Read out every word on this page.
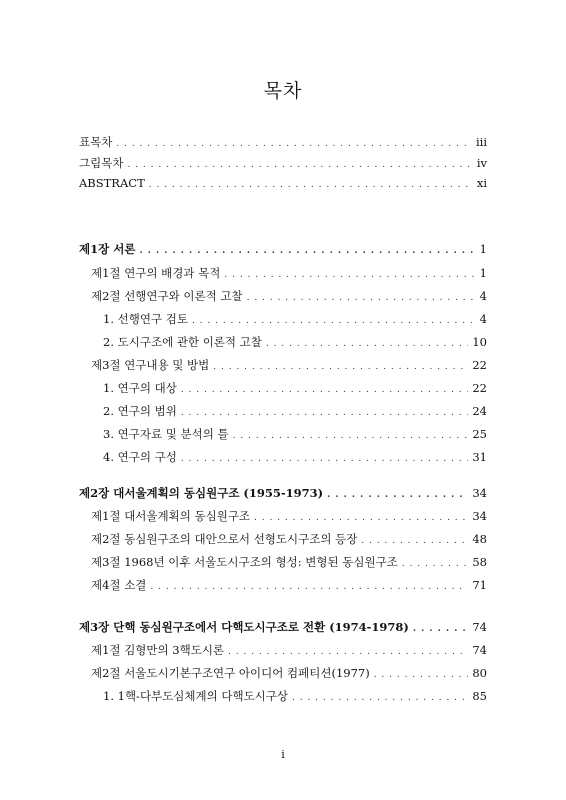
목차
표목차 . . .	ⅲ
그림목차 . . .	ⅳ
ABSTRACT . . .	ⅹⅰ
제1장 서론 . . .	1
제1절 연구의 배경과 목적 . . .	1
제2절 선행연구와 이론적 고찰 . . .	4
1. 선행연구 검토 . . .	4
2. 도시구조에 관한 이론적 고찰 . . .	10
제3절 연구내용 및 방법 . . .	22
1. 연구의 대상 . . .	22
2. 연구의 범위 . . .	24
3. 연구자료 및 분석의 틀 . . .	25
4. 연구의 구성 . . .	31
제2장 대서울계획의 동심원구조 (1955-1973) . . .	34
제1절 대서울계획의 동심원구조 . . .	34
제2절 동심원구조의 대안으로서 선형도시구조의 등장 . . .	48
제3절 1968년 이후 서울도시구조의 형성: 변형된 동심원구조 . . .	58
제4절 소결 . . .	71
제3장 단핵 동심원구조에서 다핵도시구조로 전환 (1974-1978) . . .	74
제1절 김형만의 3핵도시론 . . .	74
제2절 서울도시기본구조연구 아이디어 컴페티션(1977) . . .	80
1. 1핵-다부도심체계의 다핵도시구상 . . .	85
i
